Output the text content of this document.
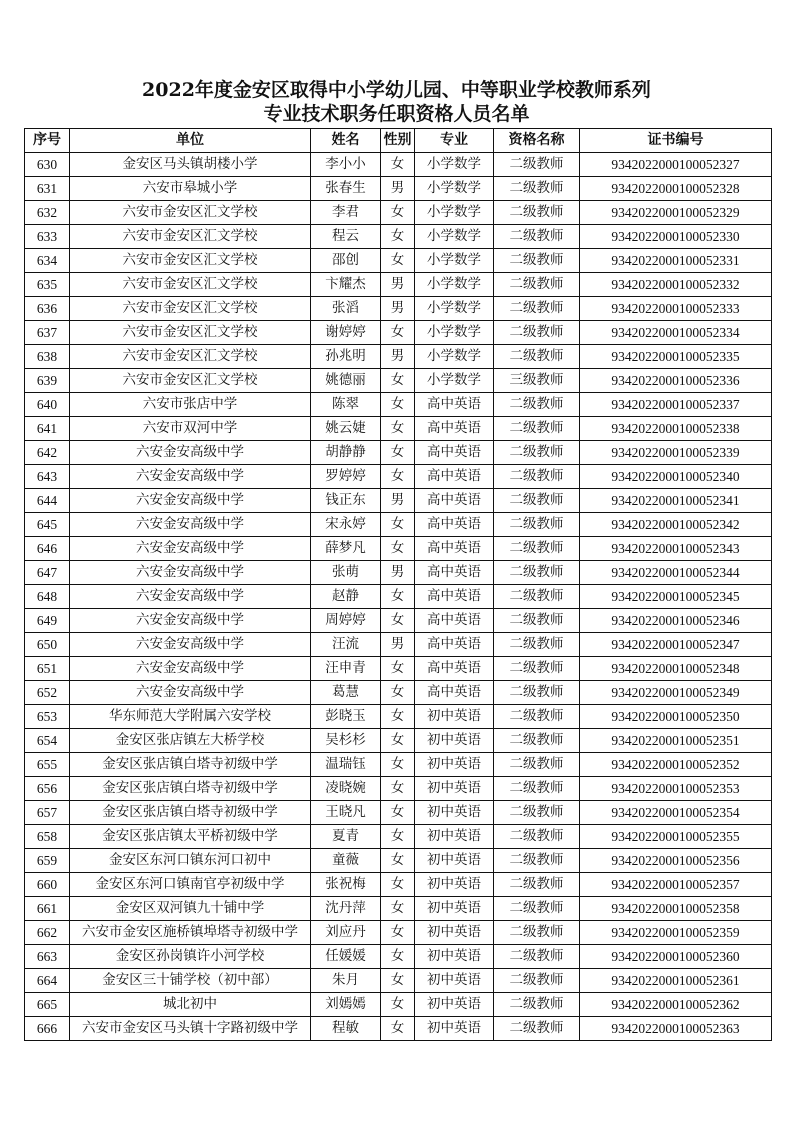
2022年度金安区取得中小学幼儿园、中等职业学校教师系列
专业技术职务任职资格人员名单
序号	单位	姓名	性别	专业	资格名称	证书编号
630	金安区马头镇胡楼小学	李小小	女	小学数学	二级教师	9342022000100052327
631	六安市皋城小学	张春生	男	小学数学	二级教师	9342022000100052328
632	六安市金安区汇文学校	李君	女	小学数学	二级教师	9342022000100052329
633	六安市金安区汇文学校	程云	女	小学数学	二级教师	9342022000100052330
634	六安市金安区汇文学校	邵创	女	小学数学	二级教师	9342022000100052331
635	六安市金安区汇文学校	卞耀杰	男	小学数学	二级教师	9342022000100052332
636	六安市金安区汇文学校	张滔	男	小学数学	二级教师	9342022000100052333
637	六安市金安区汇文学校	谢婷婷	女	小学数学	二级教师	9342022000100052334
638	六安市金安区汇文学校	孙兆明	男	小学数学	二级教师	9342022000100052335
639	六安市金安区汇文学校	姚德丽	女	小学数学	三级教师	9342022000100052336
640	六安市张店中学	陈翠	女	高中英语	二级教师	9342022000100052337
641	六安市双河中学	姚云婕	女	高中英语	二级教师	9342022000100052338
642	六安金安高级中学	胡静静	女	高中英语	二级教师	9342022000100052339
643	六安金安高级中学	罗婷婷	女	高中英语	二级教师	9342022000100052340
644	六安金安高级中学	钱正东	男	高中英语	二级教师	9342022000100052341
645	六安金安高级中学	宋永婷	女	高中英语	二级教师	9342022000100052342
646	六安金安高级中学	薛梦凡	女	高中英语	二级教师	9342022000100052343
647	六安金安高级中学	张萌	男	高中英语	二级教师	9342022000100052344
648	六安金安高级中学	赵静	女	高中英语	二级教师	9342022000100052345
649	六安金安高级中学	周婷婷	女	高中英语	二级教师	9342022000100052346
650	六安金安高级中学	汪流	男	高中英语	二级教师	9342022000100052347
651	六安金安高级中学	汪申青	女	高中英语	二级教师	9342022000100052348
652	六安金安高级中学	葛慧	女	高中英语	二级教师	9342022000100052349
653	华东师范大学附属六安学校	彭晓玉	女	初中英语	二级教师	9342022000100052350
654	金安区张店镇左大桥学校	吴杉杉	女	初中英语	二级教师	9342022000100052351
655	金安区张店镇白塔寺初级中学	温瑞钰	女	初中英语	二级教师	9342022000100052352
656	金安区张店镇白塔寺初级中学	凌晓婉	女	初中英语	二级教师	9342022000100052353
657	金安区张店镇白塔寺初级中学	王晓凡	女	初中英语	二级教师	9342022000100052354
658	金安区张店镇太平桥初级中学	夏青	女	初中英语	二级教师	9342022000100052355
659	金安区东河口镇东河口初中	童薇	女	初中英语	二级教师	9342022000100052356
660	金安区东河口镇南官亭初级中学	张祝梅	女	初中英语	二级教师	9342022000100052357
661	金安区双河镇九十铺中学	沈丹萍	女	初中英语	二级教师	9342022000100052358
662	六安市金安区施桥镇埠塔寺初级中学	刘应丹	女	初中英语	二级教师	9342022000100052359
663	金安区孙岗镇许小河学校	任媛媛	女	初中英语	二级教师	9342022000100052360
664	金安区三十铺学校（初中部）	朱月	女	初中英语	二级教师	9342022000100052361
665	城北初中	刘嫣嫣	女	初中英语	二级教师	9342022000100052362
666	六安市金安区马头镇十字路初级中学	程敏	女	初中英语	二级教师	9342022000100052363
